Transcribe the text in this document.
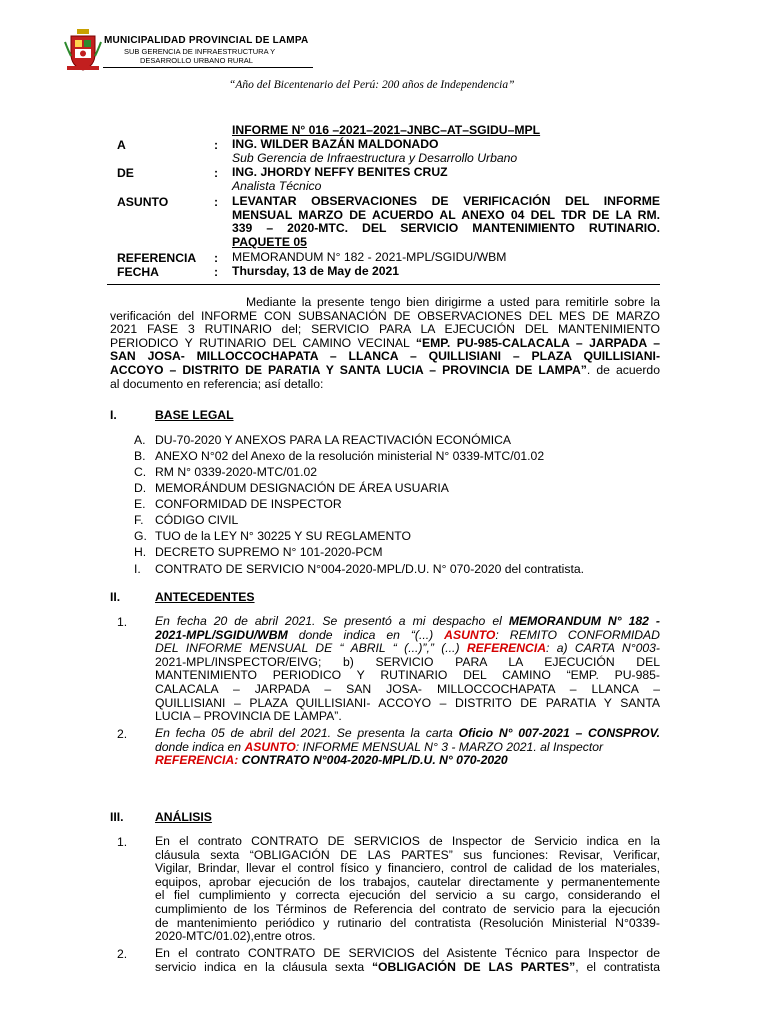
MUNICIPALIDAD PROVINCIAL DE LAMPA
SUB GERENCIA DE INFRAESTRUCTURA Y
DESARROLLO URBANO RURAL
“Año del Bicentenario del Perú: 200 años de Independencia”
INFORME N° 016 –2021–2021–JNBC–AT–SGIDU–MPL
A	: ING. WILDER BAZÁN MALDONADO
Sub Gerencia de Infraestructura y Desarrollo Urbano
DE	: ING. JHORDY NEFFY BENITES CRUZ
Analista Técnico
ASUNTO	: LEVANTAR OBSERVACIONES DE VERIFICACIÓN DEL INFORME
MENSUAL MARZO DE ACUERDO AL ANEXO 04 DEL TDR DE LA RM.
339 – 2020-MTC. DEL SERVICIO MANTENIMIENTO RUTINARIO.
PAQUETE 05
REFERENCIA : MEMORANDUM N° 182 - 2021-MPL/SGIDU/WBM
FECHA	: Thursday, 13 de May de 2021
Mediante la presente tengo bien dirigirme a usted para remitirle sobre la
verificación del INFORME CON SUBSANACIÓN DE OBSERVACIONES DEL MES DE MARZO
2021 FASE 3 RUTINARIO del; SERVICIO PARA LA EJECUCIÓN DEL MANTENIMIENTO
PERIODICO Y RUTINARIO DEL CAMINO VECINAL “EMP. PU-985-CALACALA – JARPADA –
SAN JOSA- MILLOCCOCHAPATA – LLANCA – QUILLISIANI – PLAZA QUILLISIANI-
ACCOYO – DISTRITO DE PARATIA Y SANTA LUCIA – PROVINCIA DE LAMPA”. de acuerdo
al documento en referencia; así detallo:
I.	BASE LEGAL
A. DU-70-2020 Y ANEXOS PARA LA REACTIVACIÓN ECONÓMICA
B. ANEXO N°02 del Anexo de la resolución ministerial N° 0339-MTC/01.02
C. RM N° 0339-2020-MTC/01.02
D. MEMORÁNDUM DESIGNACIÓN DE ÁREA USUARIA
E. CONFORMIDAD DE INSPECTOR
F. CÓDIGO CIVIL
G. TUO de la LEY N° 30225 Y SU REGLAMENTO
H. DECRETO SUPREMO N° 101-2020-PCM
I. CONTRATO DE SERVICIO N°004-2020-MPL/D.U. N° 070-2020 del contratista.
II.	ANTECEDENTES
1. En fecha 20 de abril 2021. Se presentó a mi despacho el MEMORANDUM N° 182 -
2021-MPL/SGIDU/WBM donde indica en “(...) ASUNTO: REMITO CONFORMIDAD
DEL INFORME MENSUAL DE “ ABRIL “ (...)”,” (...) REFERENCIA: a) CARTA N°003-
2021-MPL/INSPECTOR/EIVG; b) SERVICIO PARA LA EJECUCIÓN DEL
MANTENIMIENTO PERIODICO Y RUTINARIO DEL CAMINO “EMP. PU-985-
CALACALA – JARPADA – SAN JOSA- MILLOCCOCHAPATA – LLANCA –
QUILLISIANI – PLAZA QUILLISIANI- ACCOYO – DISTRITO DE PARATIA Y SANTA
LUCIA – PROVINCIA DE LAMPA”.
2. En fecha 05 de abril del 2021. Se presenta la carta Oficio N° 007-2021 – CONSPROV.
donde indica en ASUNTO: INFORME MENSUAL N° 3 - MARZO 2021. al Inspector
REFERENCIA: CONTRATO N°004-2020-MPL/D.U. N° 070-2020
III.	ANÁLISIS
1. En el contrato CONTRATO DE SERVICIOS de Inspector de Servicio indica en la
cláusula sexta “OBLIGACIÓN DE LAS PARTES” sus funciones: Revisar, Verificar,
Vigilar, Brindar, llevar el control físico y financiero, control de calidad de los materiales,
equipos, aprobar ejecución de los trabajos, cautelar directamente y permanentemente
el fiel cumplimiento y correcta ejecución del servicio a su cargo, considerando el
cumplimiento de los Términos de Referencia del contrato de servicio para la ejecución
de mantenimiento periódico y rutinario del contratista (Resolución Ministerial N°0339-
2020-MTC/01.02),entre otros.
2. En el contrato CONTRATO DE SERVICIOS del Asistente Técnico para Inspector de
servicio indica en la cláusula sexta “OBLIGACIÓN DE LAS PARTES”, el contratista
